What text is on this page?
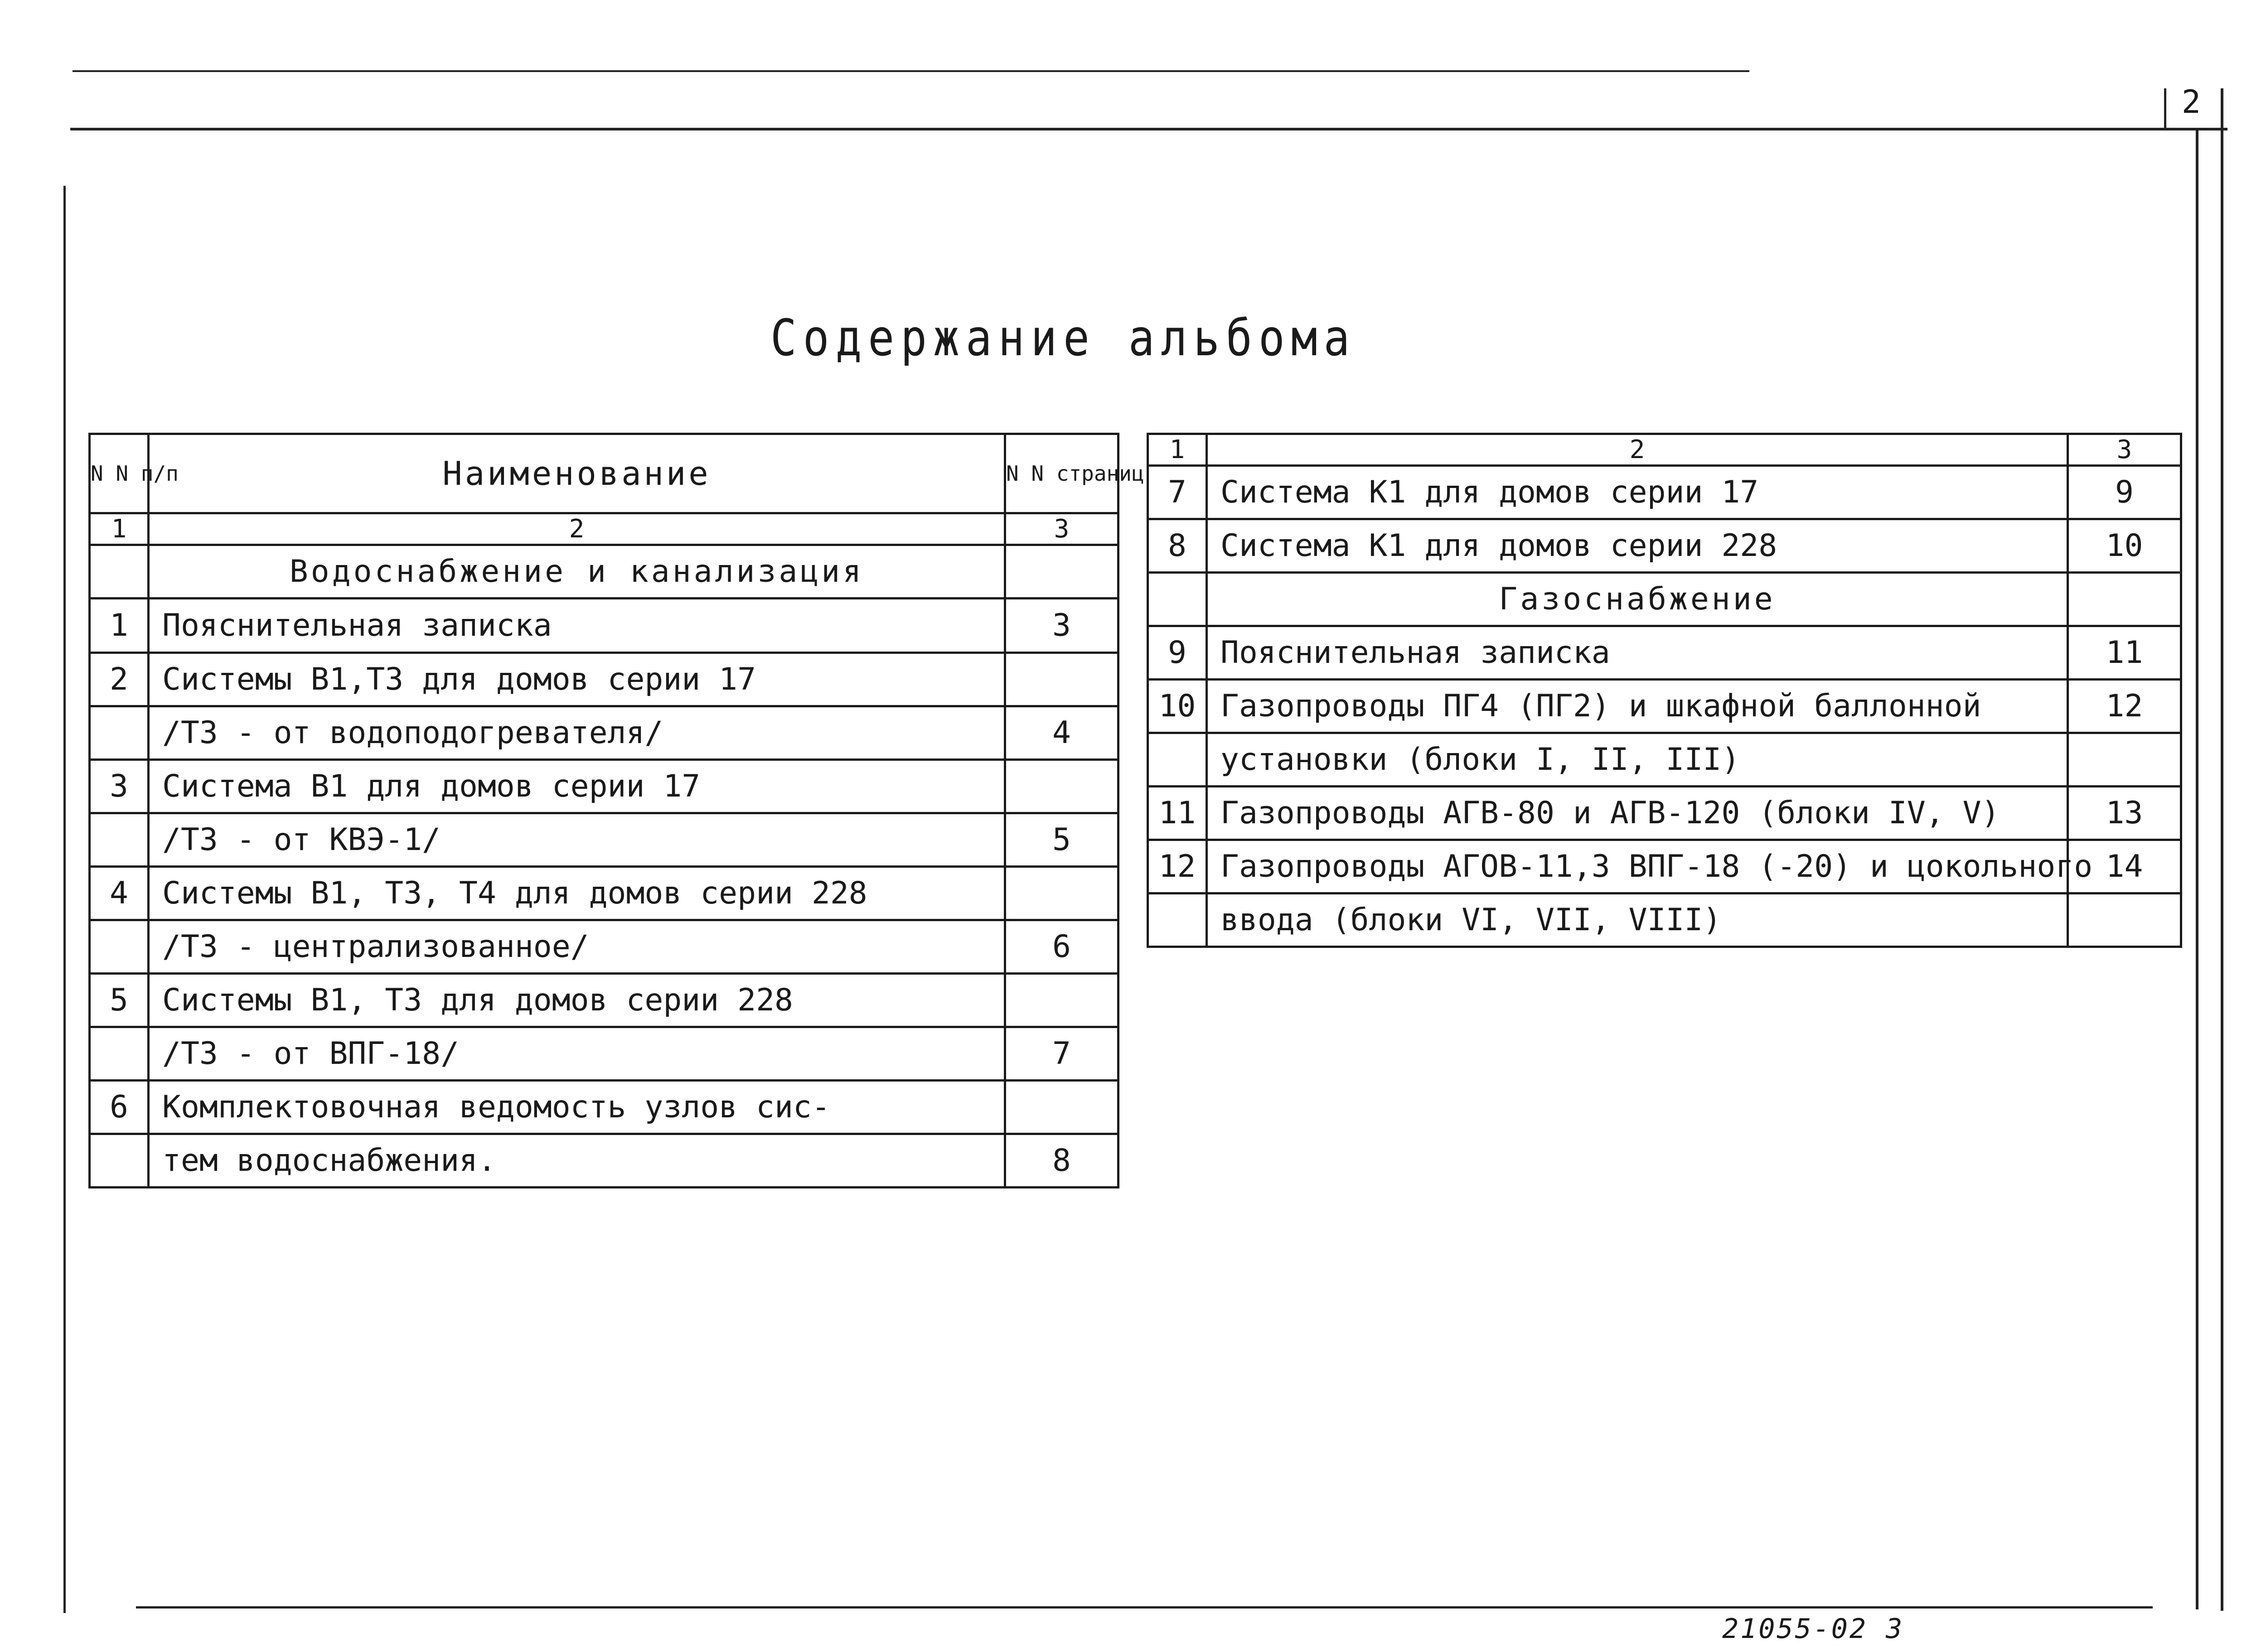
2
Содержание альбома
N N п/п	Наименование	N N страниц
1	2	3
	Водоснабжение и канализация	
1	Пояснительная записка	3
2	Системы В1,Т3 для домов серии 17	
	/Т3 - от водоподогревателя/	4
3	Система В1 для домов серии 17	
	/Т3 - от КВЭ-1/	5
4	Системы В1, Т3, Т4 для домов серии 228	
	/Т3 - централизованное/	6
5	Системы В1, Т3 для домов серии 228	
	/Т3 - от ВПГ-18/	7
6	Комплектовочная ведомость узлов сис-	
	тем водоснабжения.	8
1	2	3
7	Система К1 для домов серии 17	9
8	Система К1 для домов серии 228	10
	Газоснабжение	
9	Пояснительная записка	11
10	Газопроводы ПГ4 (ПГ2) и шкафной баллонной	12
	установки (блоки I, II, III)	
11	Газопроводы АГВ-80 и АГВ-120 (блоки IV, V)	13
12	Газопроводы АГОВ-11,3 ВПГ-18 (-20) и цокольного	14
	ввода (блоки VI, VII, VIII)	
21055-02 3
